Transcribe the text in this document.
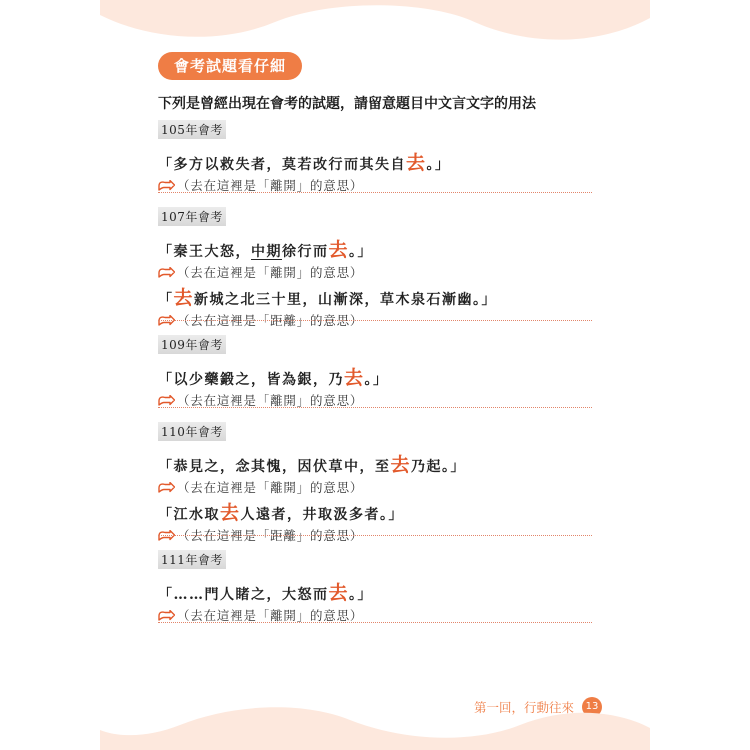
會考試題看仔細
下列是曾經出現在會考的試題，請留意題目中文言文字的用法
105年會考
「多方以救失者，莫若改行而其失自去。」
（去在這裡是「離開」的意思）
107年會考
「秦王大怒，中期徐行而去。」
（去在這裡是「離開」的意思）
「去新城之北三十里，山漸深，草木泉石漸幽。」
（去在這裡是「距離」的意思）
109年會考
「以少藥鍛之，皆為銀，乃去。」
（去在這裡是「離開」的意思）
110年會考
「恭見之，念其愧，因伏草中，至去乃起。」
（去在這裡是「離開」的意思）
「江水取去人遠者，井取汲多者。」
（去在這裡是「距離」的意思）
111年會考
「……門人睹之，大怒而去。」
（去在這裡是「離開」的意思）
第一回，行動往來	13
